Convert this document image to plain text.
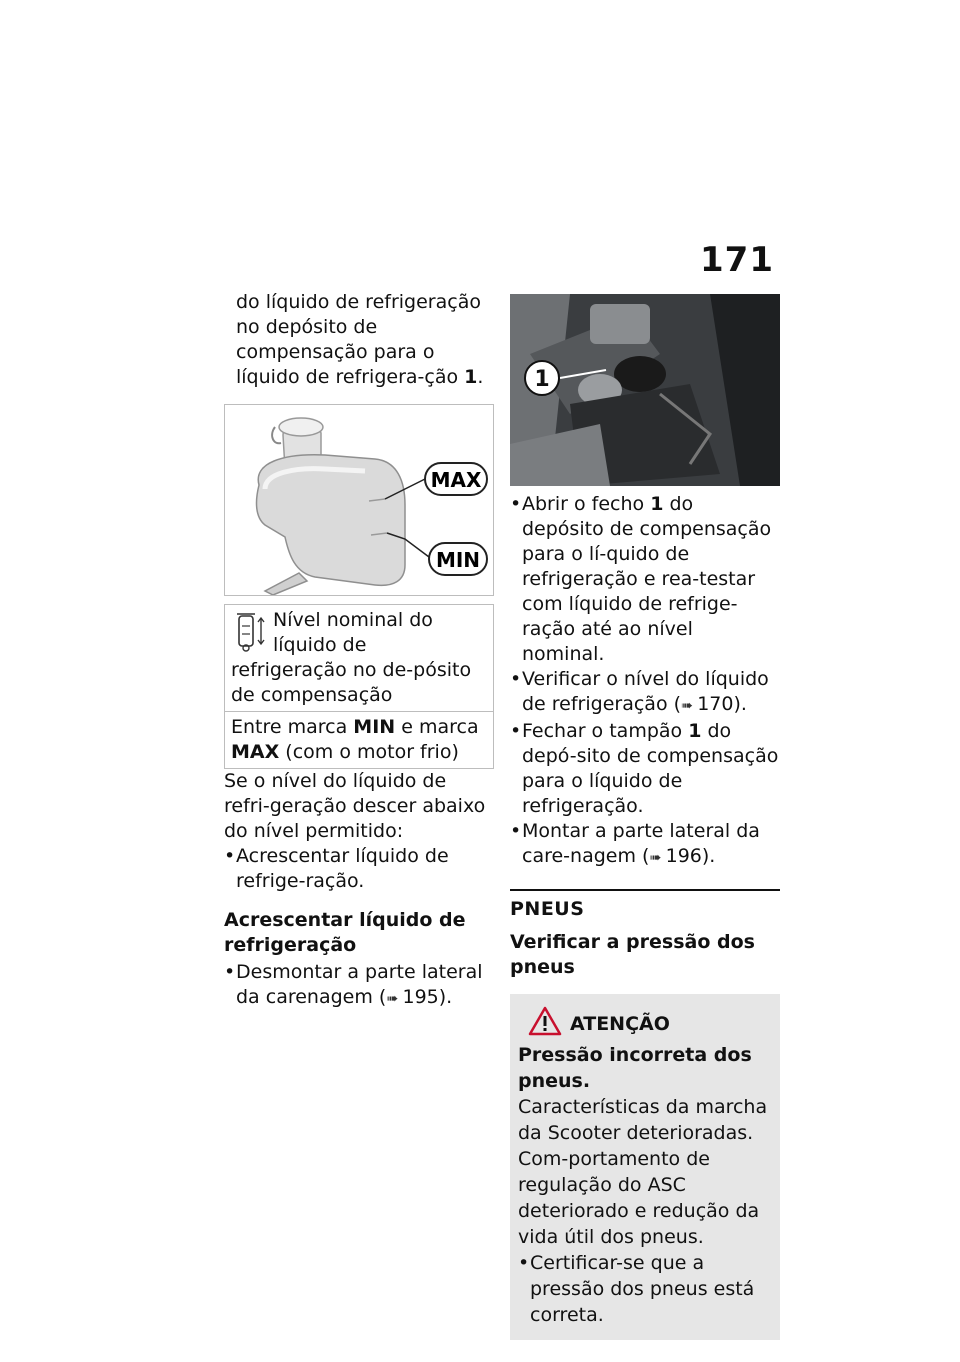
171

do líquido de refrigeração no depósito de compensação para o líquido de refrigera-ção 1.

MAX
MIN
Nível nominal do líquido de refrigeração no de-pósito de compensação
Entre marca MIN e marca MAX (com o motor frio)

Se o nível do líquido de refri-geração descer abaixo do nível permitido:

• Acrescentar líquido de refrige-ração.
Acrescentar líquido de refrigeração
• Desmontar a parte lateral da carenagem (➠ 195).
1
• Abrir o fecho 1 do depósito de compensação para o lí-quido de refrigeração e rea-testar com líquido de refrige-ração até ao nível nominal.
• Verificar o nível do líquido de refrigeração (➠ 170).
• Fechar o tampão 1 do depó-sito de compensação para o líquido de refrigeração.
• Montar a parte lateral da care-nagem (➠ 196).
PNEUS
Verificar a pressão dos pneus
ATENÇÃO

Pressão incorreta dos pneus.

Características da marcha da Scooter deterioradas. Com-portamento de regulação do ASC deteriorado e redução da vida útil dos pneus.

• Certificar-se que a pressão dos pneus está correta.
